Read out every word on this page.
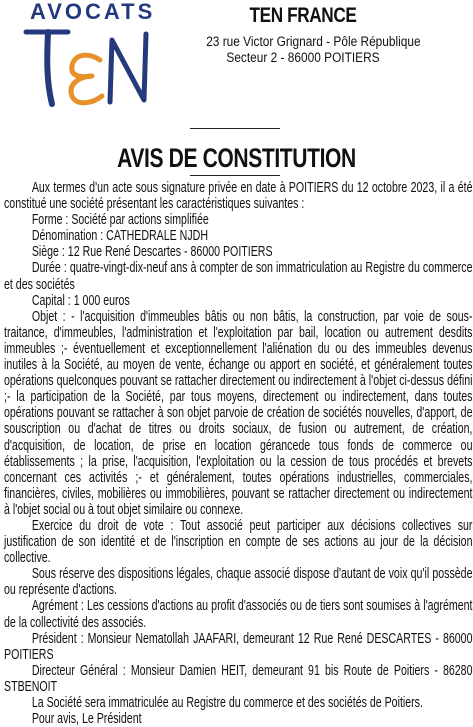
AVOCATS	TEN FRANCE
23 rue Victor Grignard - Pôle République
Secteur 2 - 86000 POITIERS
AVIS DE CONSTITUTION

Aux termes d'un acte sous signature privée en date à POITIERS du 12 octobre 2023, il a été constitué une société présentant les caractéristiques suivantes :

Forme : Société par actions simplifiée

Dénomination : CATHEDRALE NJDH

Siège : 12 Rue René Descartes - 86000 POITIERS

Durée : quatre-vingt-dix-neuf ans à compter de son immatriculation au Registre du commerce et des sociétés

Capital : 1 000 euros

Objet : - l'acquisition d'immeubles bâtis ou non bâtis, la construction, par voie de sous-traitance, d'immeubles, l'administration et l'exploitation par bail, location ou autrement desdits immeubles ;- éventuellement et exceptionnellement l'aliénation du ou des immeubles devenus inutiles à la Société, au moyen de vente, échange ou apport en société, et généralement toutes opérations quelconques pouvant se rattacher directement ou indirectement à l'objet ci-dessus défini ;- la participation de la Société, par tous moyens, directement ou indirectement, dans toutes opérations pouvant se rattacher à son objet parvoie de création de sociétés nouvelles, d'apport, de souscription ou d'achat de titres ou droits sociaux, de fusion ou autrement, de création, d'acquisition, de location, de prise en location gérancede tous fonds de commerce ou établissements ; la prise, l'acquisition, l'exploitation ou la cession de tous procédés et brevets concernant ces activités ;- et généralement, toutes opérations industrielles, commerciales, financières, civiles, mobilières ou immobilières, pouvant se rattacher directement ou indirectement à l'objet social ou à tout objet similaire ou connexe.

Exercice du droit de vote : Tout associé peut participer aux décisions collectives sur justification de son identité et de l'inscription en compte de ses actions au jour de la décision collective.

Sous réserve des dispositions légales, chaque associé dispose d'autant de voix qu'il possède ou représente d'actions.

Agrément : Les cessions d'actions au profit d'associés ou de tiers sont soumises à l'agrément de la collectivité des associés.

Président : Monsieur Nematollah JAAFARI, demeurant 12 Rue René DESCARTES - 86000 POITIERS

Directeur Général : Monsieur Damien HEIT, demeurant 91 bis Route de Poitiers - 86280 STBENOIT

La Société sera immatriculée au Registre du commerce et des sociétés de Poitiers.

Pour avis, Le Président
